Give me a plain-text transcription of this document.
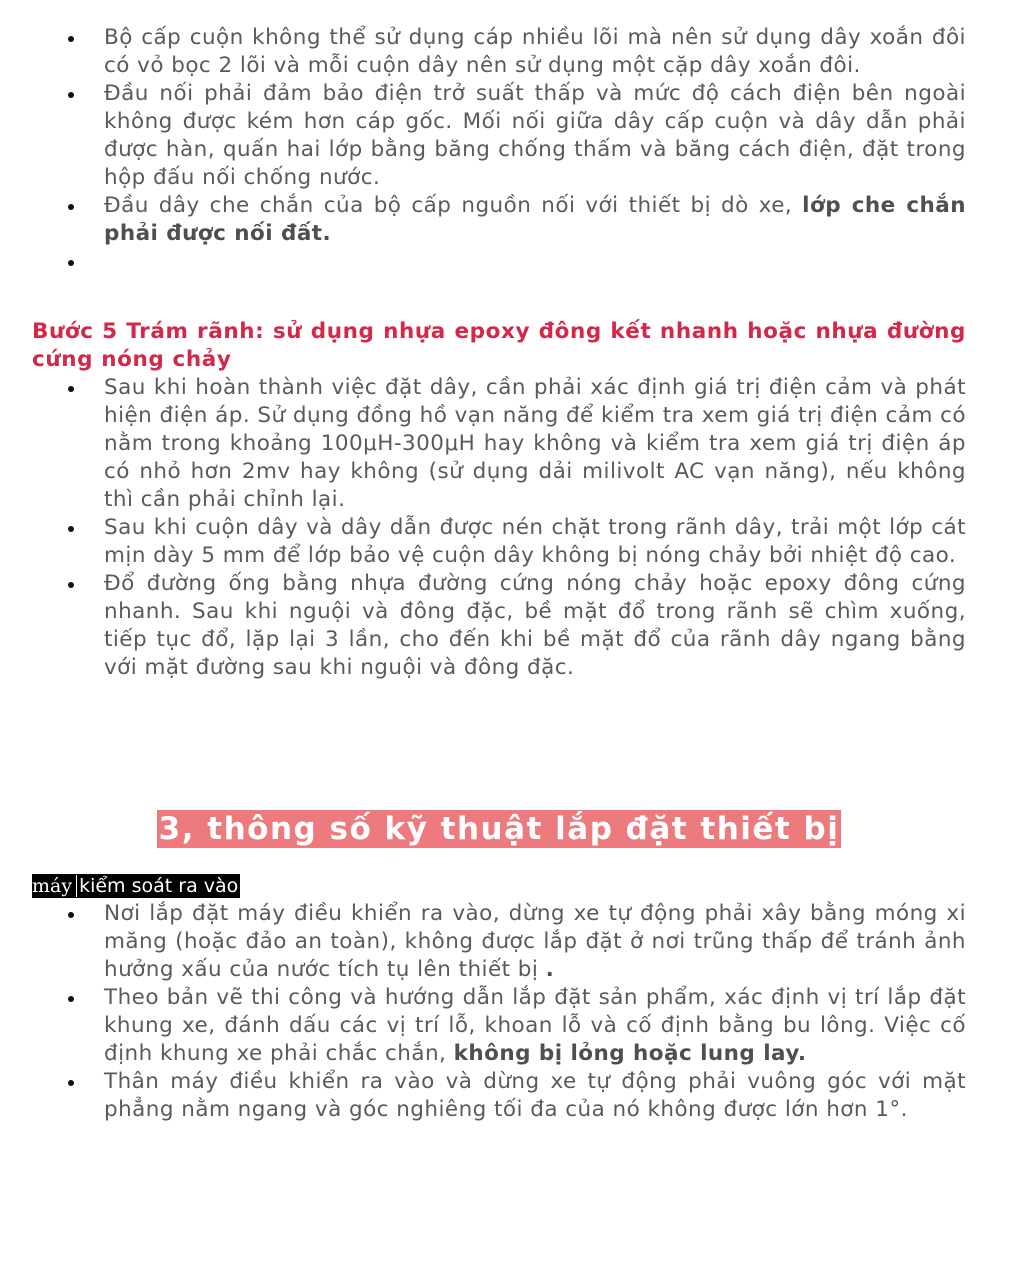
Bộ cấp cuộn không thể sử dụng cáp nhiều lõi mà nên sử dụng dây xoắn đôi có vỏ bọc 2 lõi và mỗi cuộn dây nên sử dụng một cặp dây xoắn đôi.
Đầu nối phải đảm bảo điện trở suất thấp và mức độ cách điện bên ngoài không được kém hơn cáp gốc. Mối nối giữa dây cấp cuộn và dây dẫn phải được hàn, quấn hai lớp bằng băng chống thấm và băng cách điện, đặt trong hộp đấu nối chống nước.
Đầu dây che chắn của bộ cấp nguồn nối với thiết bị dò xe, lớp che chắn phải được nối đất.
Bước 5 Trám rãnh: sử dụng nhựa epoxy đông kết nhanh hoặc nhựa đường cứng nóng chảy
Sau khi hoàn thành việc đặt dây, cần phải xác định giá trị điện cảm và phát hiện điện áp. Sử dụng đồng hồ vạn năng để kiểm tra xem giá trị điện cảm có nằm trong khoảng 100μH-300μH hay không và kiểm tra xem giá trị điện áp có nhỏ hơn 2mv hay không (sử dụng dải milivolt AC vạn năng), nếu không thì cần phải chỉnh lại.
Sau khi cuộn dây và dây dẫn được nén chặt trong rãnh dây, trải một lớp cát mịn dày 5 mm để lớp bảo vệ cuộn dây không bị nóng chảy bởi nhiệt độ cao.
Đổ đường ống bằng nhựa đường cứng nóng chảy hoặc epoxy đông cứng nhanh. Sau khi nguội và đông đặc, bề mặt đổ trong rãnh sẽ chìm xuống, tiếp tục đổ, lặp lại 3 lần, cho đến khi bề mặt đổ của rãnh dây ngang bằng với mặt đường sau khi nguội và đông đặc.
3, thông số kỹ thuật lắp đặt thiết bị
máy kiểm soát ra vào
Nơi lắp đặt máy điều khiển ra vào, dừng xe tự động phải xây bằng móng xi măng (hoặc đảo an toàn), không được lắp đặt ở nơi trũng thấp để tránh ảnh hưởng xấu của nước tích tụ lên thiết bị .
Theo bản vẽ thi công và hướng dẫn lắp đặt sản phẩm, xác định vị trí lắp đặt khung xe, đánh dấu các vị trí lỗ, khoan lỗ và cố định bằng bu lông. Việc cố định khung xe phải chắc chắn, không bị lỏng hoặc lung lay.
Thân máy điều khiển ra vào và dừng xe tự động phải vuông góc với mặt phẳng nằm ngang và góc nghiêng tối đa của nó không được lớn hơn 1°.
